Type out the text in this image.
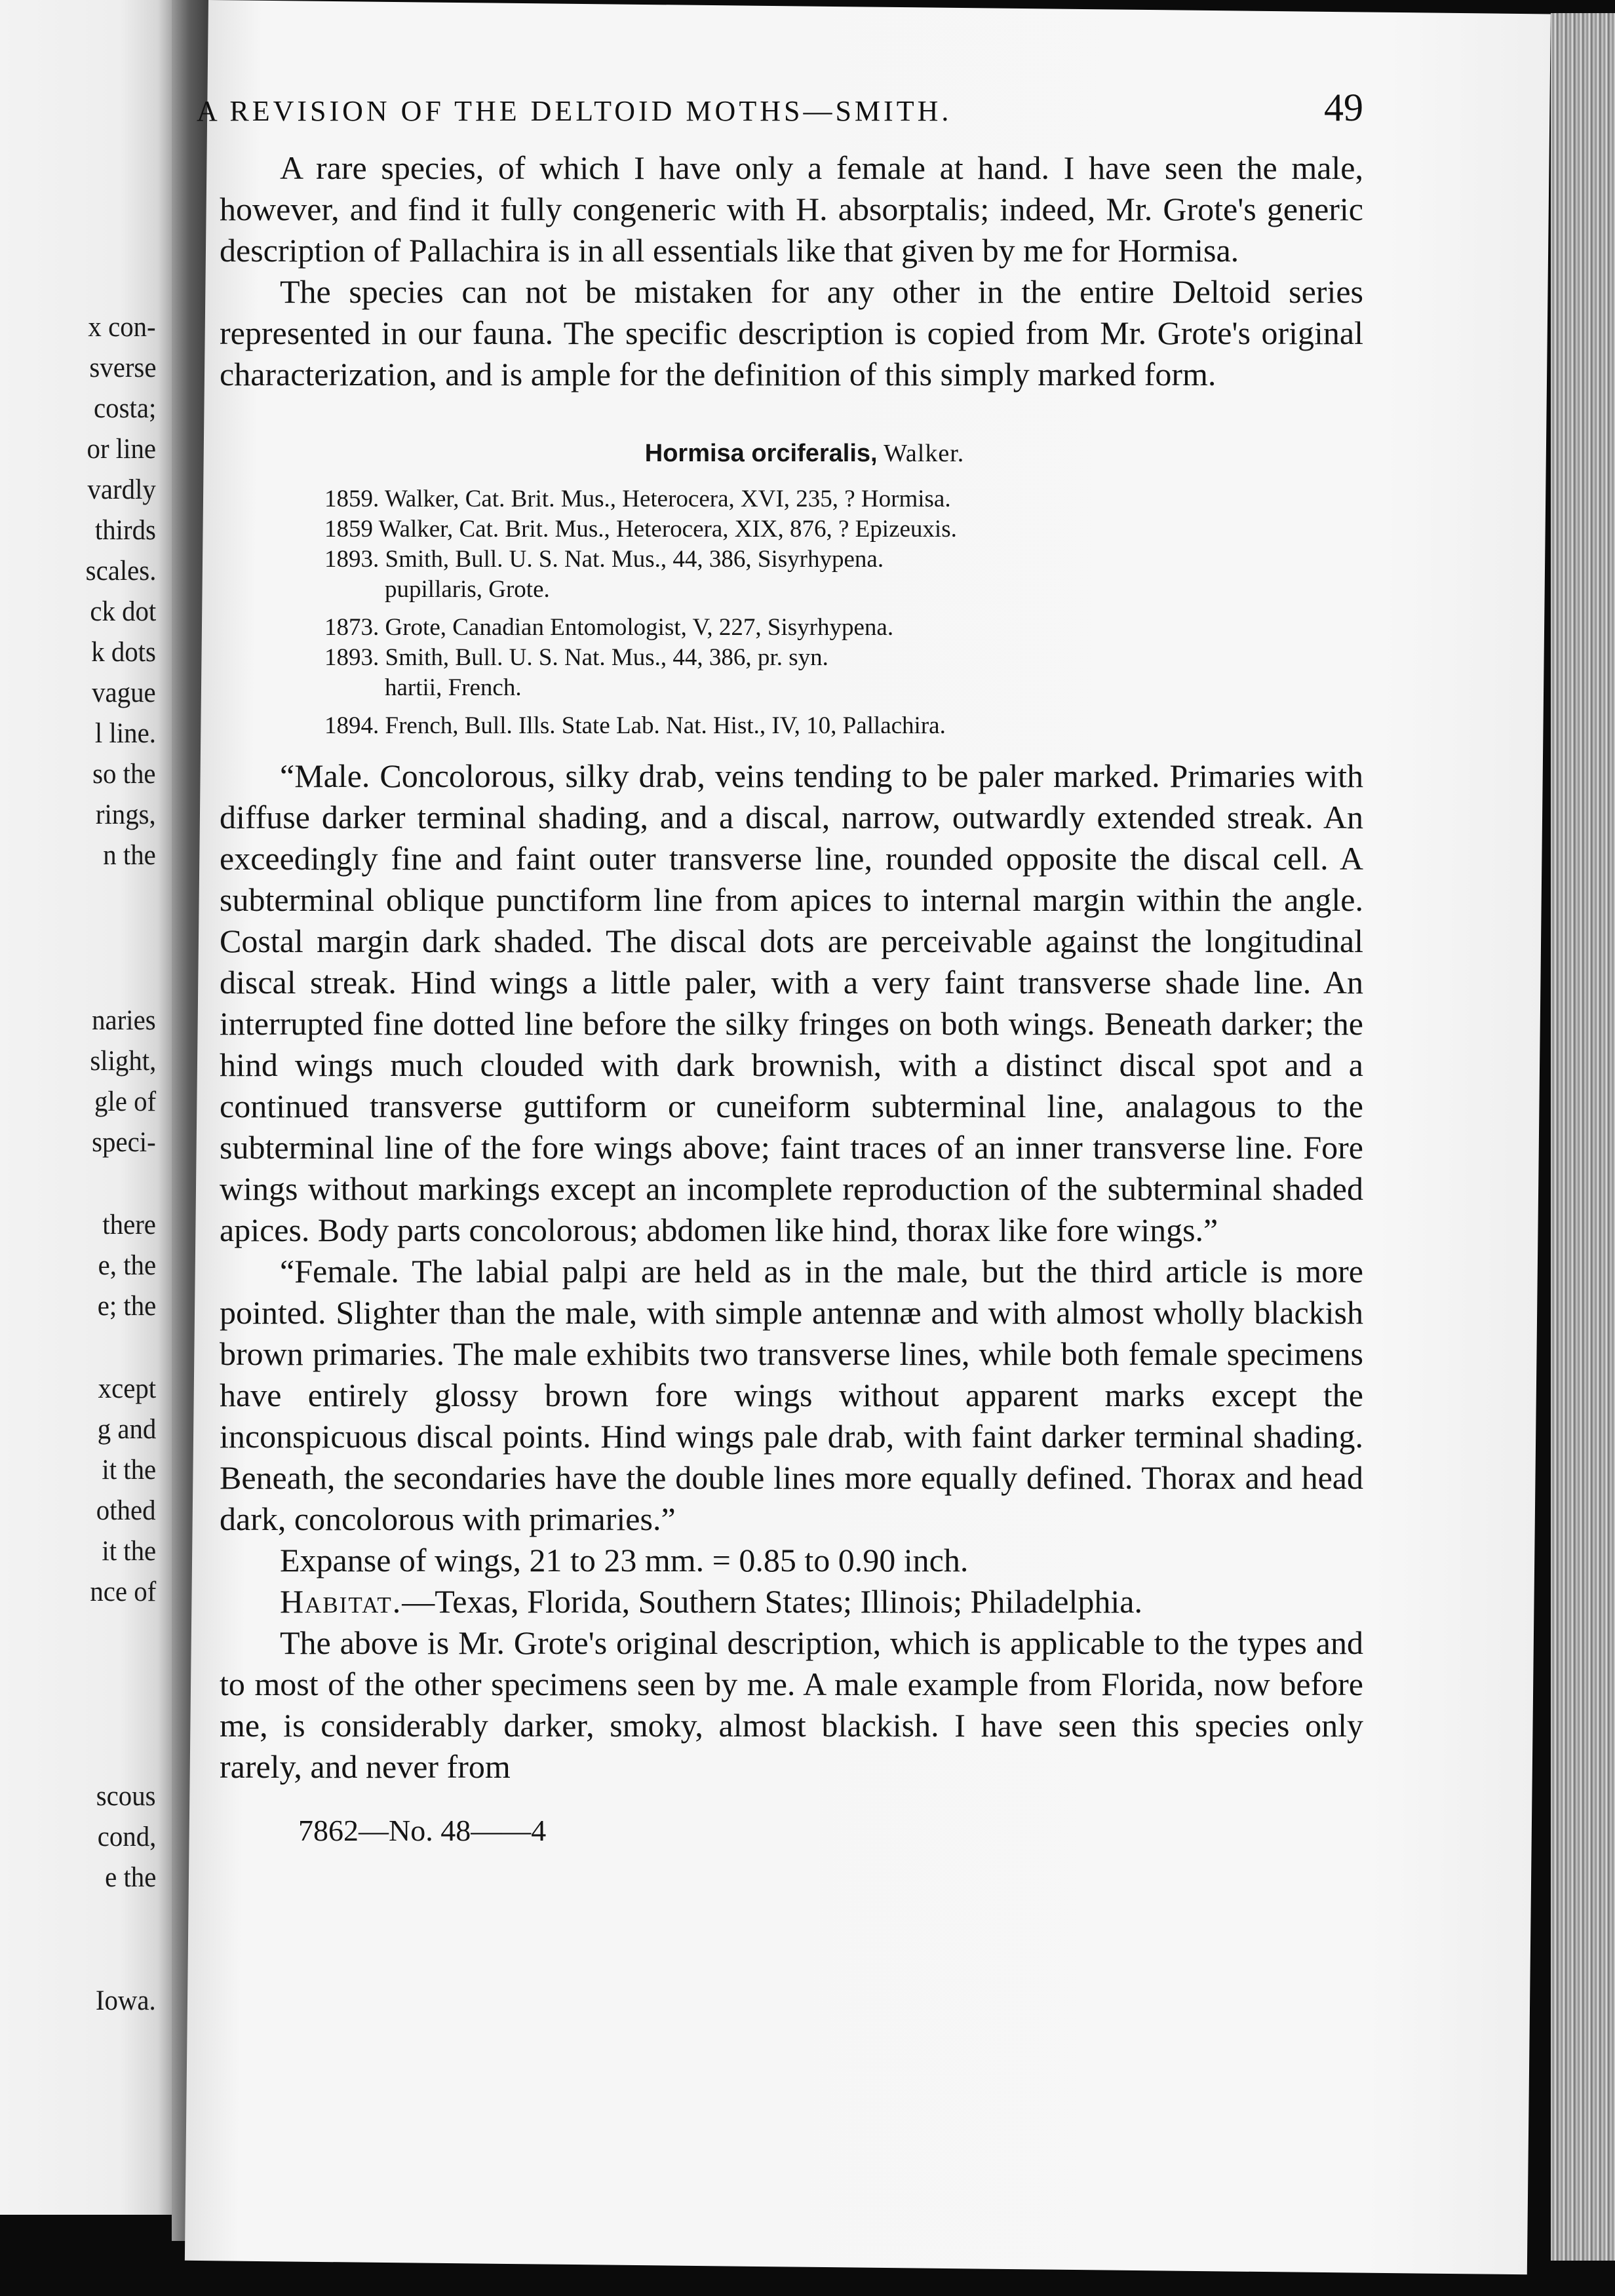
x con-
sverse
costa;
or line
vardly
thirds
scales.
ck dot
k dots
vague
l line.
so the
rings,
n the
naries
slight,
gle of
speci-
there
e, the
e; the
xcept
g and
it the
othed
it the
nce of
scous
cond,
e the
Iowa.
A REVISION OF THE DELTOID MOTHS—SMITH.	49

A rare species, of which I have only a female at hand. I have seen the male, however, and find it fully congeneric with H. absorptalis; indeed, Mr. Grote's generic description of Pallachira is in all essentials like that given by me for Hormisa.

The species can not be mistaken for any other in the entire Deltoid series represented in our fauna. The specific description is copied from Mr. Grote's original characterization, and is ample for the definition of this simply marked form.

Hormisa orciferalis, Walker.
1859. Walker, Cat. Brit. Mus., Heterocera, XVI, 235, ? Hormisa.
1859 Walker, Cat. Brit. Mus., Heterocera, XIX, 876, ? Epizeuxis.
1893. Smith, Bull. U. S. Nat. Mus., 44, 386, Sisyrhypena.
pupillaris, Grote.
1873. Grote, Canadian Entomologist, V, 227, Sisyrhypena.
1893. Smith, Bull. U. S. Nat. Mus., 44, 386, pr. syn.
hartii, French.
1894. French, Bull. Ills. State Lab. Nat. Hist., IV, 10, Pallachira.

“Male. Concolorous, silky drab, veins tending to be paler marked. Primaries with diffuse darker terminal shading, and a discal, narrow, outwardly extended streak. An exceedingly fine and faint outer transverse line, rounded opposite the discal cell. A subterminal oblique punctiform line from apices to internal margin within the angle. Costal margin dark shaded. The discal dots are perceivable against the longitudinal discal streak. Hind wings a little paler, with a very faint transverse shade line. An interrupted fine dotted line before the silky fringes on both wings. Beneath darker; the hind wings much clouded with dark brownish, with a distinct discal spot and a continued transverse guttiform or cuneiform subterminal line, analagous to the subterminal line of the fore wings above; faint traces of an inner transverse line. Fore wings without markings except an incomplete reproduction of the subterminal shaded apices. Body parts concolorous; abdomen like hind, thorax like fore wings.”

“Female. The labial palpi are held as in the male, but the third article is more pointed. Slighter than the male, with simple antennæ and with almost wholly blackish brown primaries. The male exhibits two transverse lines, while both female specimens have entirely glossy brown fore wings without apparent marks except the inconspicuous discal points. Hind wings pale drab, with faint darker terminal shading. Beneath, the secondaries have the double lines more equally defined. Thorax and head dark, concolorous with primaries.”

Expanse of wings, 21 to 23 mm. = 0.85 to 0.90 inch.

Habitat.—Texas, Florida, Southern States; Illinois; Philadelphia.

The above is Mr. Grote's original description, which is applicable to the types and to most of the other specimens seen by me. A male example from Florida, now before me, is considerably darker, smoky, almost blackish. I have seen this species only rarely, and never from

7862—No. 48——4
